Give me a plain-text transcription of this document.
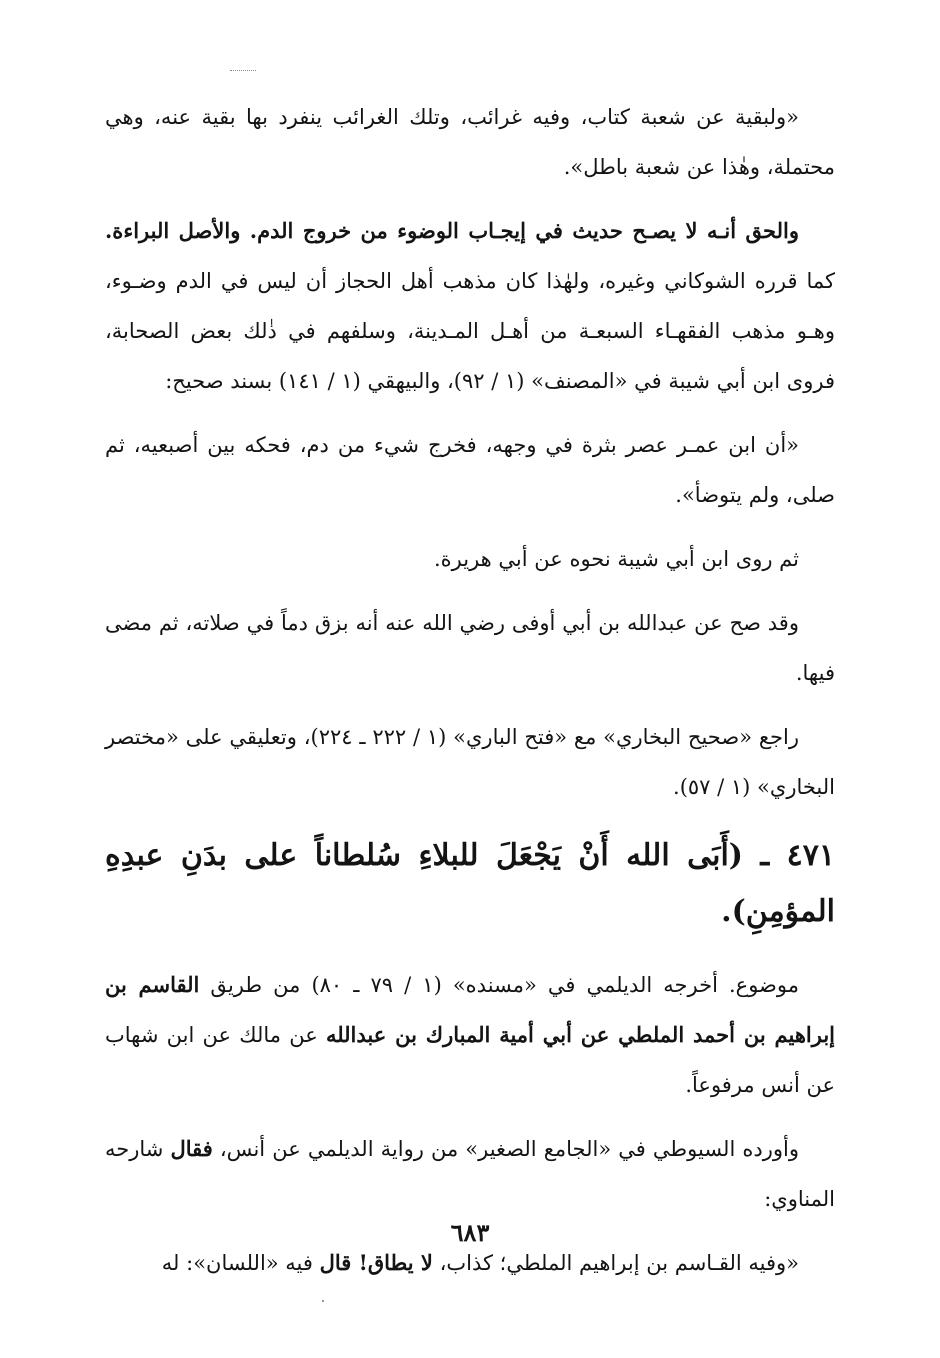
«ولبقية عن شعبة كتاب، وفيه غرائب، وتلك الغرائب ينفرد بها بقية عنه، وهي محتملة، وهٰذا عن شعبة باطل».

والحق أنـه لا يصـح حديث في إيجـاب الوضوء من خروج الدم. والأصل البراءة. كما قرره الشوكاني وغيره، ولهٰذا كان مذهب أهل الحجاز أن ليس في الدم وضـوء، وهـو مذهب الفقهـاء السبعـة من أهـل المـدينة، وسلفهم في ذٰلك بعض الصحابة، فروى ابن أبي شيبة في «المصنف» (١ / ٩٢)، والبيهقي (١ / ١٤١) بسند صحيح:

«أن ابن عمـر عصر بثرة في وجهه، فخرج شيء من دم، فحكه بين أصبعيه، ثم صلى، ولم يتوضأ».

ثم روى ابن أبي شيبة نحوه عن أبي هريرة.

وقد صح عن عبدالله بن أبي أوفى رضي الله عنه أنه بزق دماً في صلاته، ثم مضى فيها.

راجع «صحيح البخاري» مع «فتح الباري» (١ / ٢٢٢ ـ ٢٢٤)، وتعليقي على «مختصر البخاري» (١ / ٥٧).

٤٧١ ـ (أَبَى الله أَنْ يَجْعَلَ للبلاءِ سُلطاناً على بدَنِ عبدِهِ المؤمِنِ).

موضوع. أخرجه الديلمي في «مسنده» (١ / ٧٩ ـ ٨٠) من طريق القاسم بن إبراهيم بن أحمد الملطي عن أبي أمية المبارك بن عبدالله عن مالك عن ابن شهاب عن أنس مرفوعاً.

وأورده السيوطي في «الجامع الصغير» من رواية الديلمي عن أنس، فقال شارحه المناوي:

«وفيه القـاسم بن إبراهيم الملطي؛ كذاب، لا يطاق! قال فيه «اللسان»: له

٦٨٣
